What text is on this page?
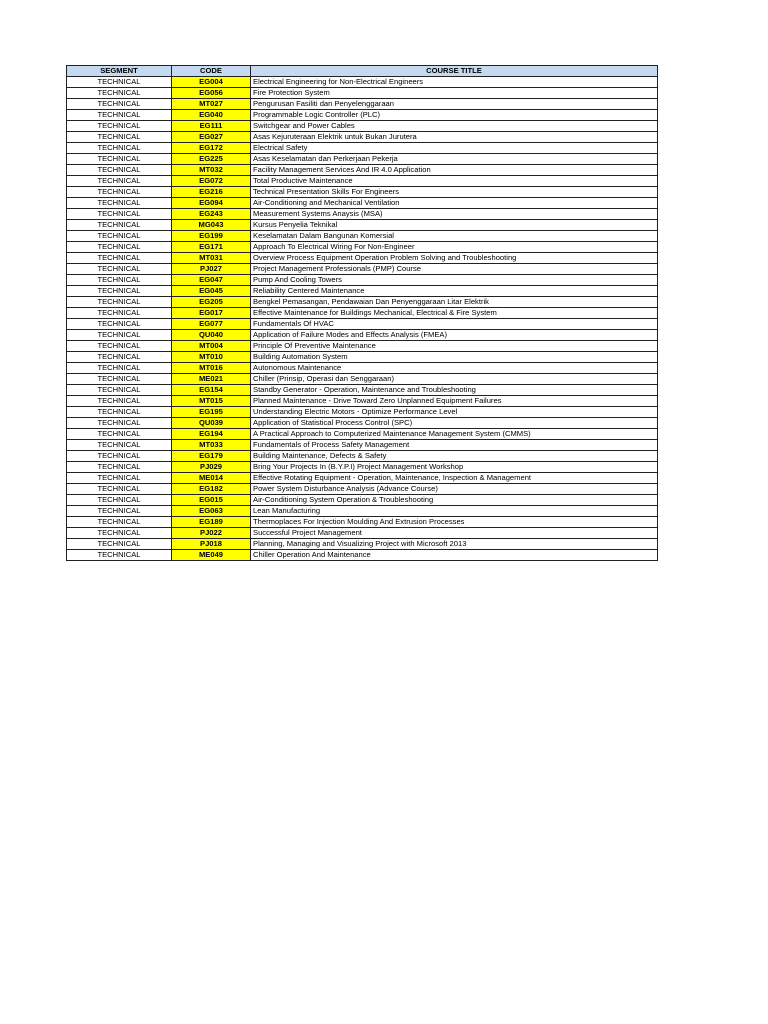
SEGMENT	CODE	COURSE TITLE
TECHNICAL	EG004	Electrical Engineering for Non-Electrical Engineers
TECHNICAL	EG056	Fire Protection System
TECHNICAL	MT027	Pengurusan Fasiliti dan Penyelenggaraan
TECHNICAL	EG040	Programmable Logic Controller (PLC)
TECHNICAL	EG111	Switchgear and Power Cables
TECHNICAL	EG027	Asas Kejuruteraan Elektrik untuk Bukan Jurutera
TECHNICAL	EG172	Electrical Safety
TECHNICAL	EG225	Asas Keselamatan dan Perkerjaan Pekerja
TECHNICAL	MT032	Facility Management Services And IR 4.0 Application
TECHNICAL	EG072	Total Productive Maintenance
TECHNICAL	EG216	Technical Presentation Skills For Engineers
TECHNICAL	EG094	Air-Conditioning and Mechanical Ventilation
TECHNICAL	EG243	Measurement Systems Anaysis (MSA)
TECHNICAL	MG043	Kursus Penyelia Teknikal
TECHNICAL	EG199	Keselamatan Dalam Bangunan Komersial
TECHNICAL	EG171	Approach To Electrical Wiring For Non-Engineer
TECHNICAL	MT031	Overview Process Equipment Operation Problem Solving and Troubleshooting
TECHNICAL	PJ027	Project Management Professionals (PMP) Course
TECHNICAL	EG047	Pump And Cooling Towers
TECHNICAL	EG045	Reliability Centered Maintenance
TECHNICAL	EG205	Bengkel Pemasangan, Pendawaian Dan Penyenggaraan Litar Elektrik
TECHNICAL	EG017	Effective Maintenance for Buildings Mechanical, Electrical & Fire System
TECHNICAL	EG077	Fundamentals Of HVAC
TECHNICAL	QU040	Application of Failure Modes and Effects Analysis (FMEA)
TECHNICAL	MT004	Principle Of Preventive Maintenance
TECHNICAL	MT010	Building Automation System
TECHNICAL	MT016	Autonomous Maintenance
TECHNICAL	ME021	Chiller (Prinsip, Operasi dan Senggaraan)
TECHNICAL	EG154	Standby Generator - Operation, Maintenance and Troubleshooting
TECHNICAL	MT015	Planned Maintenance - Drive Toward Zero Unplanned Equipment Failures
TECHNICAL	EG195	Understanding Electric Motors - Optimize Performance Level
TECHNICAL	QU039	Application of Statistical Process Control (SPC)
TECHNICAL	EG194	A Practical Approach to Computerized Maintenance Management System (CMMS)
TECHNICAL	MT033	Fundamentals of Process Safety Management
TECHNICAL	EG179	Building Maintenance, Defects & Safety
TECHNICAL	PJ029	Bring Your Projects In (B.Y.P.I) Project Management Workshop
TECHNICAL	ME014	Effective Rotating Equipment - Operation, Maintenance, Inspection & Management
TECHNICAL	EG182	Power System Disturbance Analysis (Advance Course)
TECHNICAL	EG015	Air-Conditioning System Operation & Troubleshooting
TECHNICAL	EG063	Lean Manufacturing
TECHNICAL	EG189	Thermoplaces For Injection Moulding And Extrusion Processes
TECHNICAL	PJ022	Successful Project Management
TECHNICAL	PJ018	Planning, Managing and Visualizing Project with Microsoft 2013
TECHNICAL	ME049	Chiller Operation And Maintenance
